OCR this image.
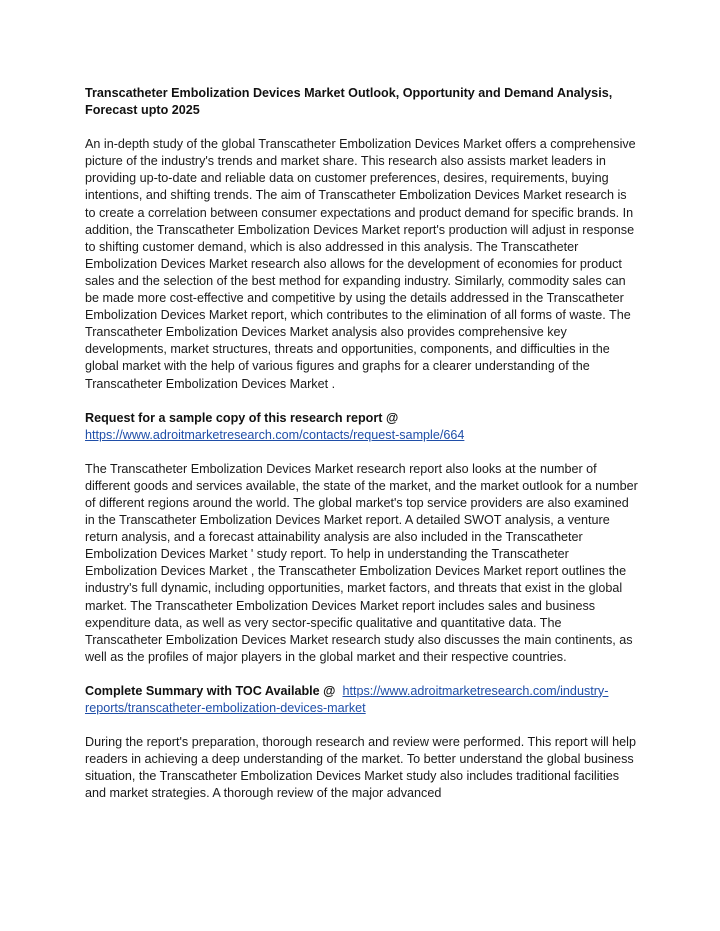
Transcatheter Embolization Devices Market Outlook, Opportunity and Demand Analysis, Forecast upto 2025

An in-depth study of the global Transcatheter Embolization Devices Market offers a comprehensive picture of the industry's trends and market share. This research also assists market leaders in providing up-to-date and reliable data on customer preferences, desires, requirements, buying intentions, and shifting trends. The aim of Transcatheter Embolization Devices Market research is to create a correlation between consumer expectations and product demand for specific brands. In addition, the Transcatheter Embolization Devices Market report's production will adjust in response to shifting customer demand, which is also addressed in this analysis. The Transcatheter Embolization Devices Market research also allows for the development of economies for product sales and the selection of the best method for expanding industry. Similarly, commodity sales can be made more cost-effective and competitive by using the details addressed in the Transcatheter Embolization Devices Market report, which contributes to the elimination of all forms of waste. The Transcatheter Embolization Devices Market analysis also provides comprehensive key developments, market structures, threats and opportunities, components, and difficulties in the global market with the help of various figures and graphs for a clearer understanding of the Transcatheter Embolization Devices Market .

Request for a sample copy of this research report @
https://www.adroitmarketresearch.com/contacts/request-sample/664

The Transcatheter Embolization Devices Market research report also looks at the number of different goods and services available, the state of the market, and the market outlook for a number of different regions around the world. The global market's top service providers are also examined in the Transcatheter Embolization Devices Market report. A detailed SWOT analysis, a venture return analysis, and a forecast attainability analysis are also included in the Transcatheter Embolization Devices Market ' study report. To help in understanding the Transcatheter Embolization Devices Market , the Transcatheter Embolization Devices Market report outlines the industry's full dynamic, including opportunities, market factors, and threats that exist in the global market. The Transcatheter Embolization Devices Market report includes sales and business expenditure data, as well as very sector-specific qualitative and quantitative data. The Transcatheter Embolization Devices Market research study also discusses the main continents, as well as the profiles of major players in the global market and their respective countries.

Complete Summary with TOC Available @ https://www.adroitmarketresearch.com/industry-reports/transcatheter-embolization-devices-market

During the report's preparation, thorough research and review were performed. This report will help readers in achieving a deep understanding of the market. To better understand the global business situation, the Transcatheter Embolization Devices Market study also includes traditional facilities and market strategies. A thorough review of the major advanced
